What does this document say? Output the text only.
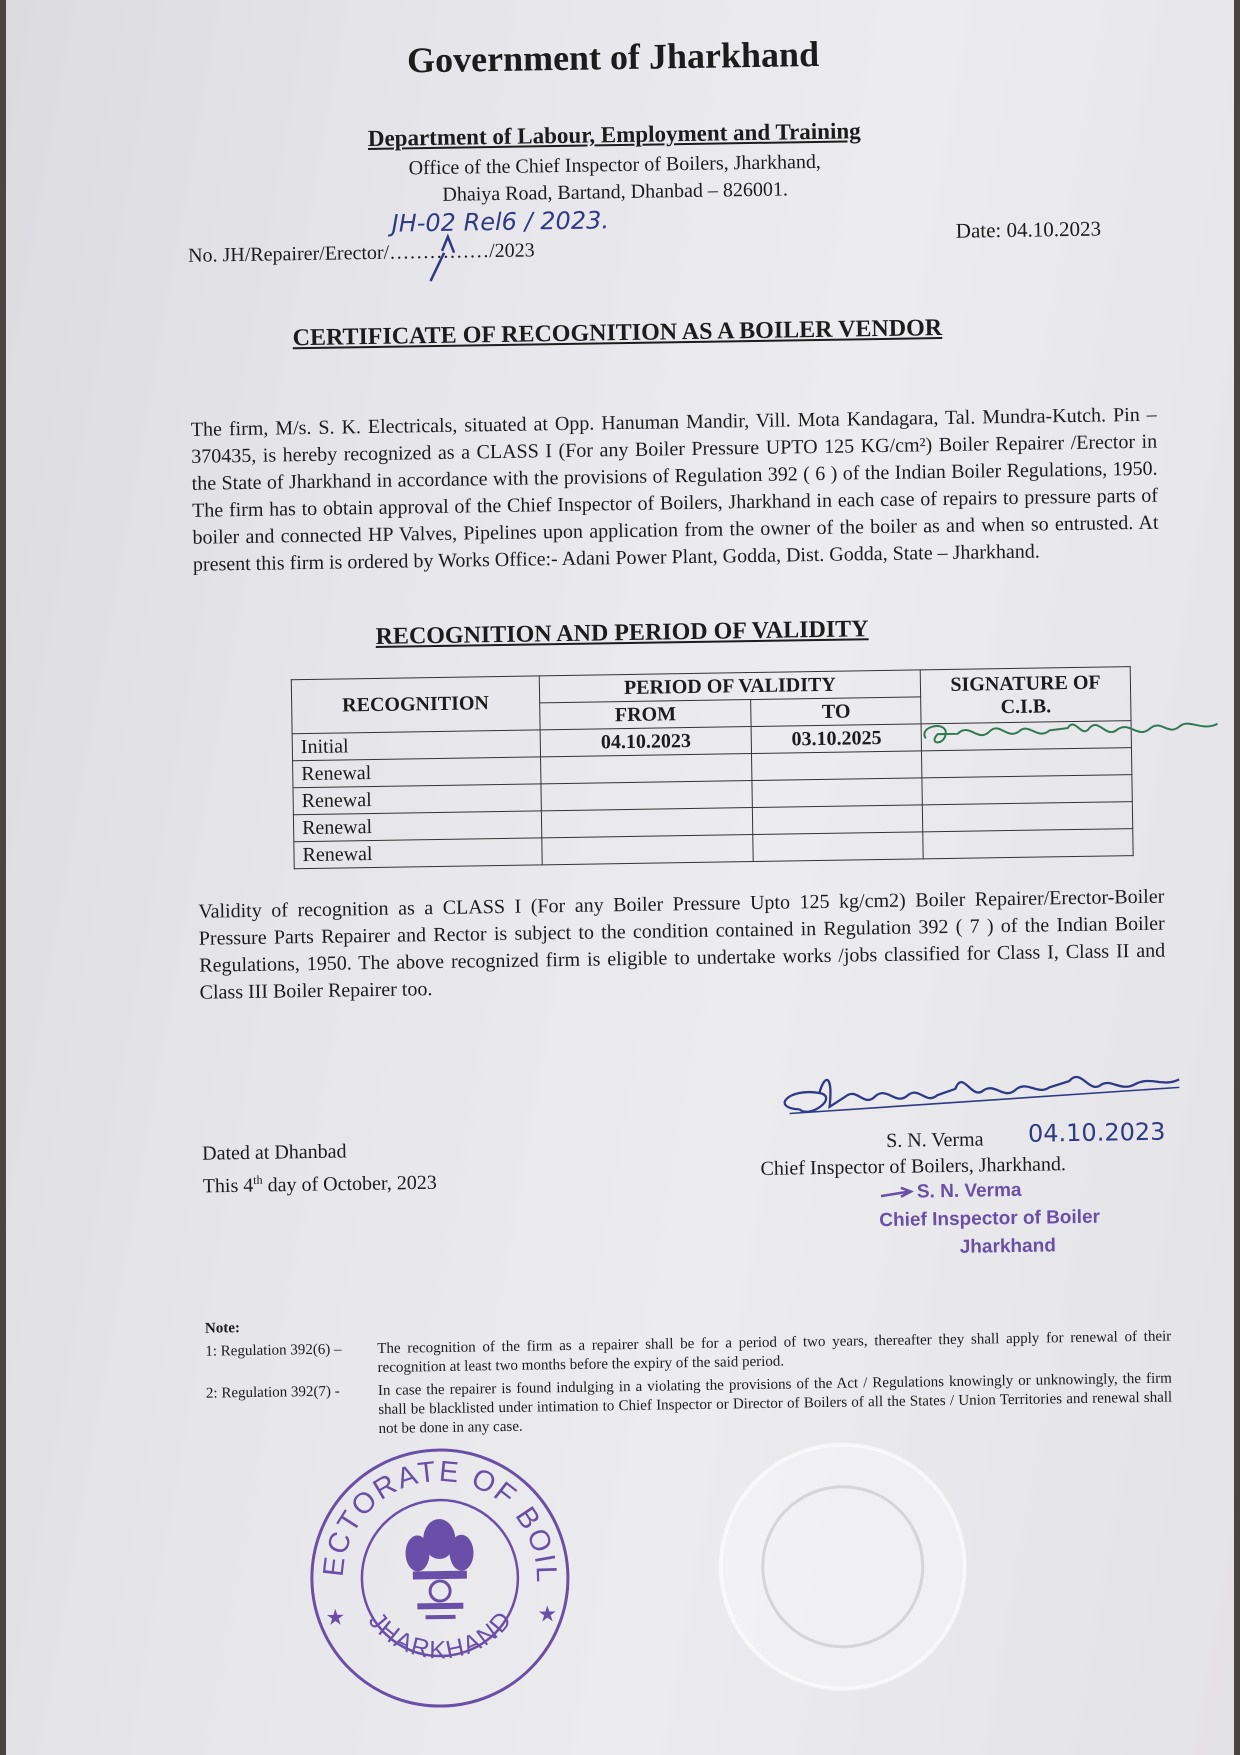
Government of Jharkhand
Department of Labour, Employment and Training
Office of the Chief Inspector of Boilers, Jharkhand,
Dhaiya Road, Bartand, Dhanbad – 826001.
JH-02 Rel6 / 2023.
No. JH/Repairer/Erector/……………/2023
Date: 04.10.2023
CERTIFICATE OF RECOGNITION AS A BOILER VENDOR
The firm, M/s. S. K. Electricals, situated at Opp. Hanuman Mandir, Vill. Mota Kandagara, Tal. Mundra-Kutch. Pin – 370435, is hereby recognized as a CLASS I (For any Boiler Pressure UPTO 125 KG/cm²) Boiler Repairer /Erector in the State of Jharkhand in accordance with the provisions of Regulation 392 ( 6 ) of the Indian Boiler Regulations, 1950. The firm has to obtain approval of the Chief Inspector of Boilers, Jharkhand in each case of repairs to pressure parts of boiler and connected HP Valves, Pipelines upon application from the owner of the boiler as and when so entrusted. At present this firm is ordered by Works Office:- Adani Power Plant, Godda, Dist. Godda, State – Jharkhand.
RECOGNITION AND PERIOD OF VALIDITY
RECOGNITION	PERIOD OF VALIDITY		SIGNATURE OF C.I.B.
	FROM	TO	
Initial	04.10.2023	03.10.2025	

Renewal			
Renewal			
Renewal			
Renewal			
Validity of recognition as a CLASS I (For any Boiler Pressure Upto 125 kg/cm2) Boiler Repairer/Erector-Boiler Pressure Parts Repairer and Rector is subject to the condition contained in Regulation 392 ( 7 ) of the Indian Boiler Regulations, 1950. The above recognized firm is eligible to undertake works /jobs classified for Class I, Class II and Class III Boiler Repairer too.
04.10.2023
Dated at Dhanbad
This 4th day of October, 2023
S. N. Verma
Chief Inspector of Boilers, Jharkhand.
S. N. Verma
Chief Inspector of Boiler
Jharkhand
Note:
1: Regulation 392(6) – The recognition of the firm as a repairer shall be for a period of two years, thereafter they shall apply for renewal of their recognition at least two months before the expiry of the said period.
2: Regulation 392(7) -	In case the repairer is found indulging in a violating the provisions of the Act / Regulations knowingly or unknowingly, the firm shall be blacklisted under intimation to Chief Inspector or Director of Boilers of all the States / Union Territories and renewal shall not be done in any case.
INSPECTORATE OF BOILERS
JHARKHAND
★	★
